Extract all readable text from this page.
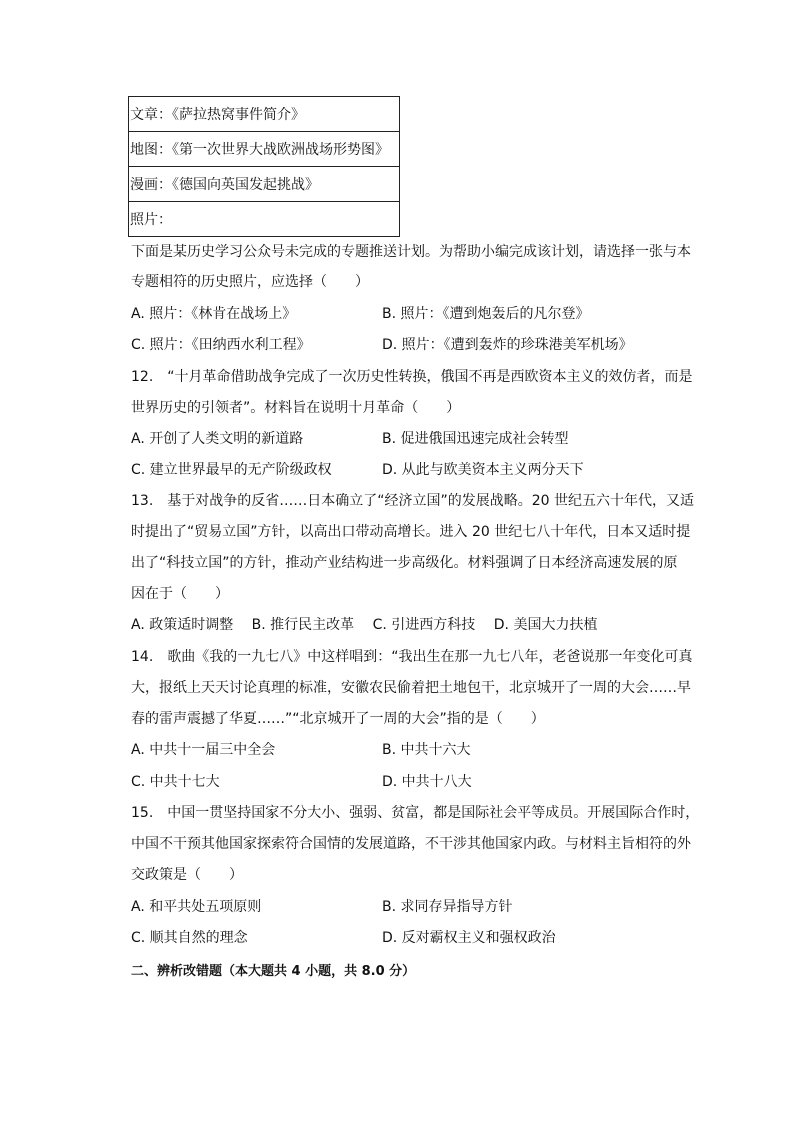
文章：《萨拉热窝事件简介》
地图：《第一次世界大战欧洲战场形势图》
漫画：《德国向英国发起挑战》
照片：
下面是某历史学习公众号未完成的专题推送计划。为帮助小编完成该计划，请选择一张与本
专题相符的历史照片，应选择（　　）
A. 照片：《林肯在战场上》	B. 照片：《遭到炮轰后的凡尔登》
C. 照片：《田纳西水利工程》	D. 照片：《遭到轰炸的珍珠港美军机场》
12.　“十月革命借助战争完成了一次历史性转换，俄国不再是西欧资本主义的效仿者，而是
世界历史的引领者”。材料旨在说明十月革命（　　）
A. 开创了人类文明的新道路	B. 促进俄国迅速完成社会转型
C. 建立世界最早的无产阶级政权	D. 从此与欧美资本主义两分天下
13.　基于对战争的反省……日本确立了“经济立国”的发展战略。20 世纪五六十年代，又适
时提出了“贸易立国”方针，以高出口带动高增长。进入 20 世纪七八十年代，日本又适时提
出了“科技立国”的方针，推动产业结构进一步高级化。材料强调了日本经济高速发展的原
因在于（　　）
A. 政策适时调整　 B. 推行民主改革　 C. 引进西方科技　 D. 美国大力扶植
14.　歌曲《我的一九七八》中这样唱到：“我出生在那一九七八年，老爸说那一年变化可真
大，报纸上天天讨论真理的标准，安徽农民偷着把土地包干，北京城开了一周的大会……早
春的雷声震撼了华夏……”“北京城开了一周的大会”指的是（　　）
A. 中共十一届三中全会	B. 中共十六大
C. 中共十七大	D. 中共十八大
15.　中国一贯坚持国家不分大小、强弱、贫富，都是国际社会平等成员。开展国际合作时，
中国不干预其他国家探索符合国情的发展道路，不干涉其他国家内政。与材料主旨相符的外
交政策是（　　）
A. 和平共处五项原则	B. 求同存异指导方针
C. 顺其自然的理念	D. 反对霸权主义和强权政治
二、辨析改错题（本大题共 4 小题，共 8.0 分）
